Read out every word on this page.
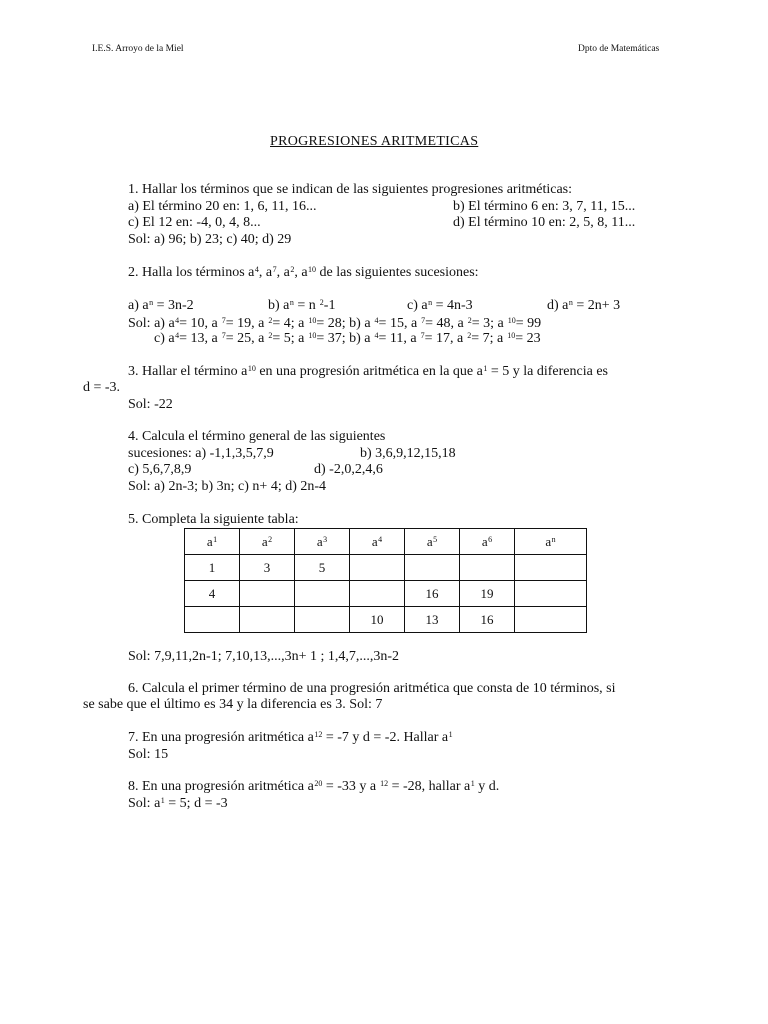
I.E.S. Arroyo de la Miel	Dpto de Matemáticas
PROGRESIONES ARITMETICAS
1. Hallar los términos que se indican de las siguientes progresiones aritméticas:
a) El término 20 en: 1, 6, 11, 16...	b) El término 6 en: 3, 7, 11, 15...
c) El 12 en: -4, 0, 4, 8...	d) El término 10 en: 2, 5, 8, 11...
Sol: a) 96; b) 23; c) 40; d) 29
2. Halla los términos $a^4$, $a^7$, $a^2$, $a^{10}$ de las siguientes sucesiones:
a) $a^n = 3n-2$	b) $a^n = n$ $^2$-1	c) $a^n = 4n-3$	d) $a^n = 2n+ 3$
Sol: a) $a^4= 10$, a $^7$= 19, a $^2$= 4; a $^{10}$= 28; b) a $^4$= 15, a $^7$= 48, a $^2$= 3; a $^{10}$= 99
c) $a^4= 13$, a $^7$= 25, a $^2$= 5; a $^{10}$= 37; b) a $^4$= 11, a $^7$= 17, a $^2$= 7; a $^{10}$= 23
3. Hallar el término $a^{10}$ en una progresión aritmética en la que $a^1 = 5$ y la diferencia es
d = -3.
Sol: -22
4. Calcula el término general de las siguientes
sucesiones: a) -1,1,3,5,7,9	b) 3,6,9,12,15,18
c) 5,6,7,8,9	d) -2,0,2,4,6
Sol: a) 2n-3; b) 3n; c) n+ 4; d) 2n-4
5. Completa la siguiente tabla:
$a^1$	$a^2$	$a^3$	$a^4$	$a^5$	$a^6$	$a^n$
1	3	5				
4				16	19	
			10	13	16	
Sol: 7,9,11,2n-1; 7,10,13,...,3n+ 1 ; 1,4,7,...,3n-2
6. Calcula el primer término de una progresión aritmética que consta de 10 términos, si
se sabe que el último es 34 y la diferencia es 3. Sol: 7
7. En una progresión aritmética $a^{12} = -7$ y d = -2. Hallar $a^1$
Sol: 15
8. En una progresión aritmética $a^{20} = -33$ y a $^{12}$ = -28, hallar $a^1$ y d.
Sol: $a^1 = 5$; d = -3
